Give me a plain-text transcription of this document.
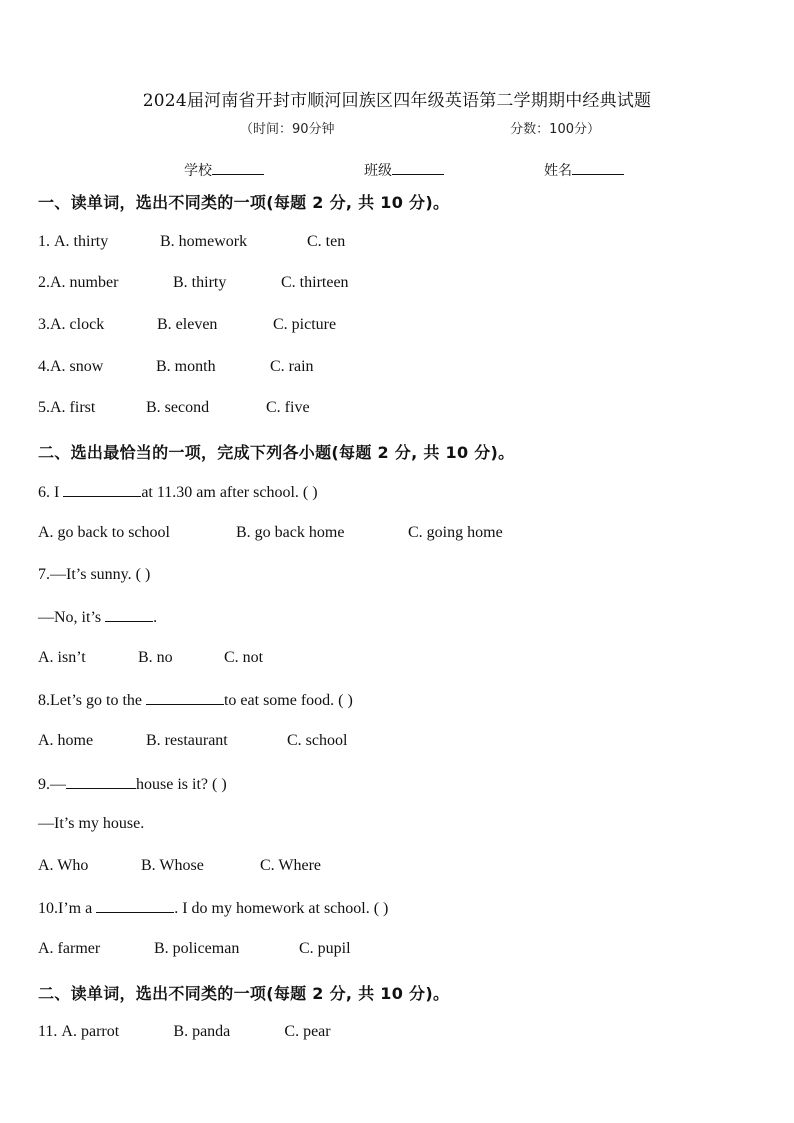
2024届河南省开封市顺河回族区四年级英语第二学期期中经典试题
（时间：90分钟	分数：100分）
学校	班级	姓名
一、读单词，选出不同类的一项(每题 2 分, 共 10 分)。
1. A. thirty	B. homework	C. ten
2.A. number	B. thirty	C. thirteen
3.A. clock	B. eleven	C. picture
4.A. snow	B. month	C. rain
5.A. first	B. second	C. five
二、选出最恰当的一项，完成下列各小题(每题 2 分, 共 10 分)。
6. I	at 11.30 am after school. ( )
A. go back to school	B. go back home	C. going home
7.—It’s sunny. ( )
—No, it’s	.
A. isn’t	B. no	C. not
8.Let’s go to the	to eat some food. ( )
A. home	B. restaurant	C. school
9.—	house is it? ( )
—It’s my house.
A. Who	B. Whose	C. Where
10.I’m a	. I do my homework at school. ( )
A. farmer	B. policeman	C. pupil
二、读单词，选出不同类的一项(每题 2 分, 共 10 分)。
11. A. parrot	B. panda	C. pear
